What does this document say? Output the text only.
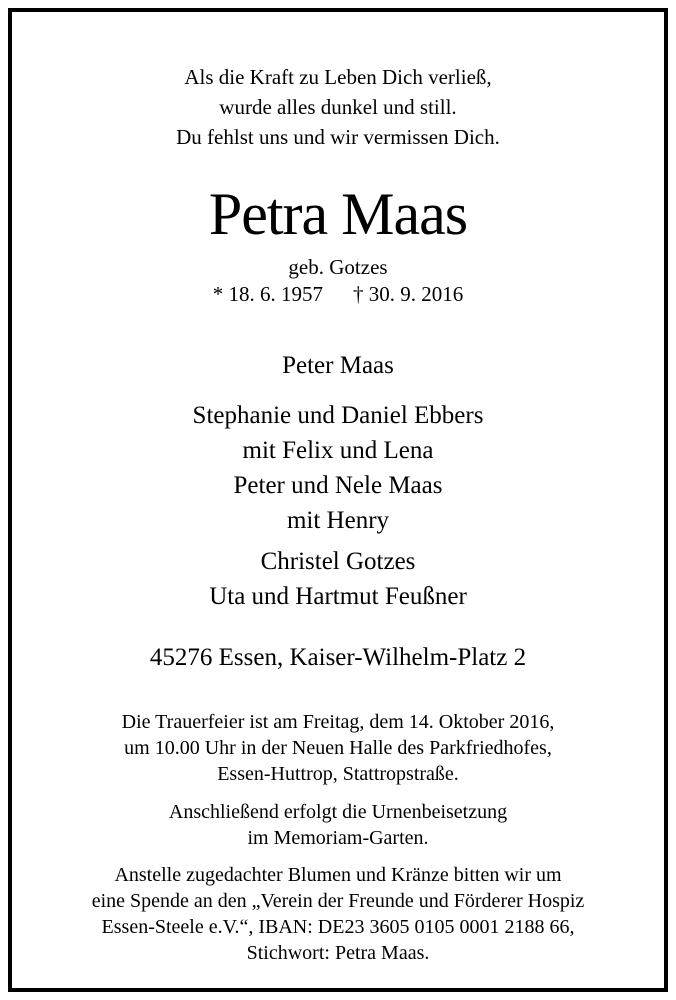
Als die Kraft zu Leben Dich verließ,
wurde alles dunkel und still.
Du fehlst uns und wir vermissen Dich.
Petra Maas
geb. Gotzes
* 18. 6. 1957 † 30. 9. 2016
Peter Maas
Stephanie und Daniel Ebbers
mit Felix und Lena
Peter und Nele Maas
mit Henry
Christel Gotzes
Uta und Hartmut Feußner
45276 Essen, Kaiser-Wilhelm-Platz 2
Die Trauerfeier ist am Freitag, dem 14. Oktober 2016,
um 10.00 Uhr in der Neuen Halle des Parkfriedhofes,
Essen-Huttrop, Stattropstraße.
Anschließend erfolgt die Urnenbeisetzung
im Memoriam-Garten.
Anstelle zugedachter Blumen und Kränze bitten wir um
eine Spende an den „Verein der Freunde und Förderer Hospiz
Essen-Steele e.V.“, IBAN: DE23 3605 0105 0001 2188 66,
Stichwort: Petra Maas.
